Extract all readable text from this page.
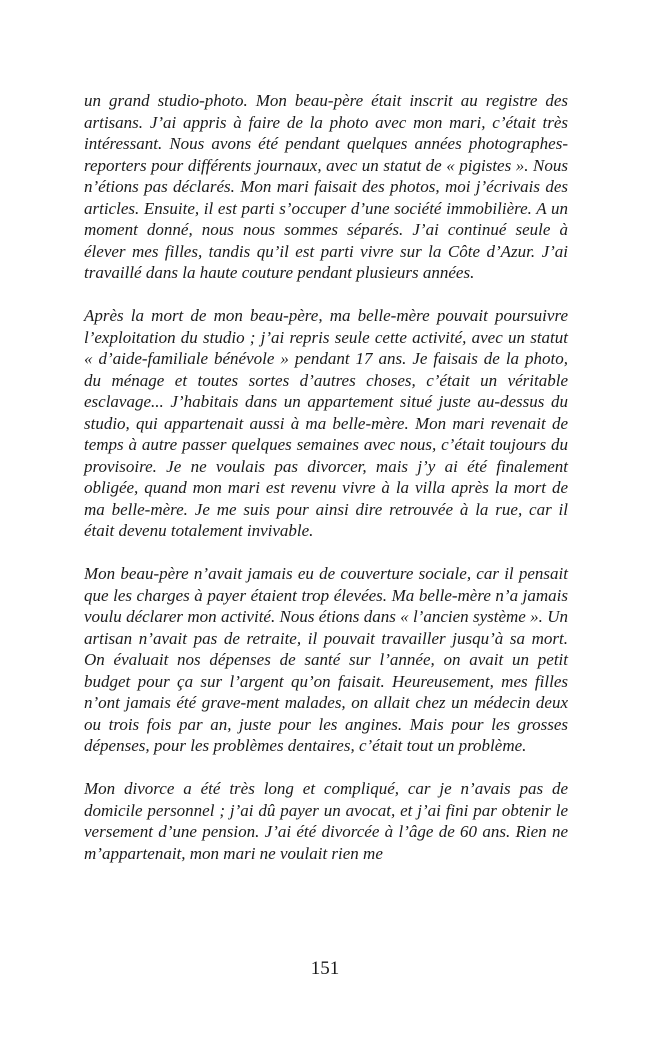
un grand studio-photo. Mon beau-père était inscrit au registre des artisans. J’ai appris à faire de la photo avec mon mari, c’était très intéressant. Nous avons été pendant quelques années photographes-reporters pour différents journaux, avec un statut de « pigistes ». Nous n’étions pas déclarés. Mon mari faisait des photos, moi j’écrivais des articles. Ensuite, il est parti s’occuper d’une société immobilière. A un moment donné, nous nous sommes séparés. J’ai continué seule à élever mes filles, tandis qu’il est parti vivre sur la Côte d’Azur. J’ai travaillé dans la haute couture pendant plusieurs années.

Après la mort de mon beau-père, ma belle-mère pouvait poursuivre l’exploitation du studio ; j’ai repris seule cette activité, avec un statut « d’aide-familiale bénévole » pendant 17 ans. Je faisais de la photo, du ménage et toutes sortes d’autres choses, c’était un véritable esclavage... J’habitais dans un appartement situé juste au-dessus du studio, qui appartenait aussi à ma belle-mère. Mon mari revenait de temps à autre passer quelques semaines avec nous, c’était toujours du provisoire. Je ne voulais pas divorcer, mais j’y ai été finalement obligée, quand mon mari est revenu vivre à la villa après la mort de ma belle-mère. Je me suis pour ainsi dire retrouvée à la rue, car il était devenu totalement invivable.

Mon beau-père n’avait jamais eu de couverture sociale, car il pensait que les charges à payer étaient trop élevées. Ma belle-mère n’a jamais voulu déclarer mon activité. Nous étions dans « l’ancien système ». Un artisan n’avait pas de retraite, il pouvait travailler jusqu’à sa mort. On évaluait nos dépenses de santé sur l’année, on avait un petit budget pour ça sur l’argent qu’on faisait. Heureusement, mes filles n’ont jamais été grave-ment malades, on allait chez un médecin deux ou trois fois par an, juste pour les angines. Mais pour les grosses dépenses, pour les problèmes dentaires, c’était tout un problème.

Mon divorce a été très long et compliqué, car je n’avais pas de domicile personnel ; j’ai dû payer un avocat, et j’ai fini par obtenir le versement d’une pension. J’ai été divorcée à l’âge de 60 ans. Rien ne m’appartenait, mon mari ne voulait rien me

151
